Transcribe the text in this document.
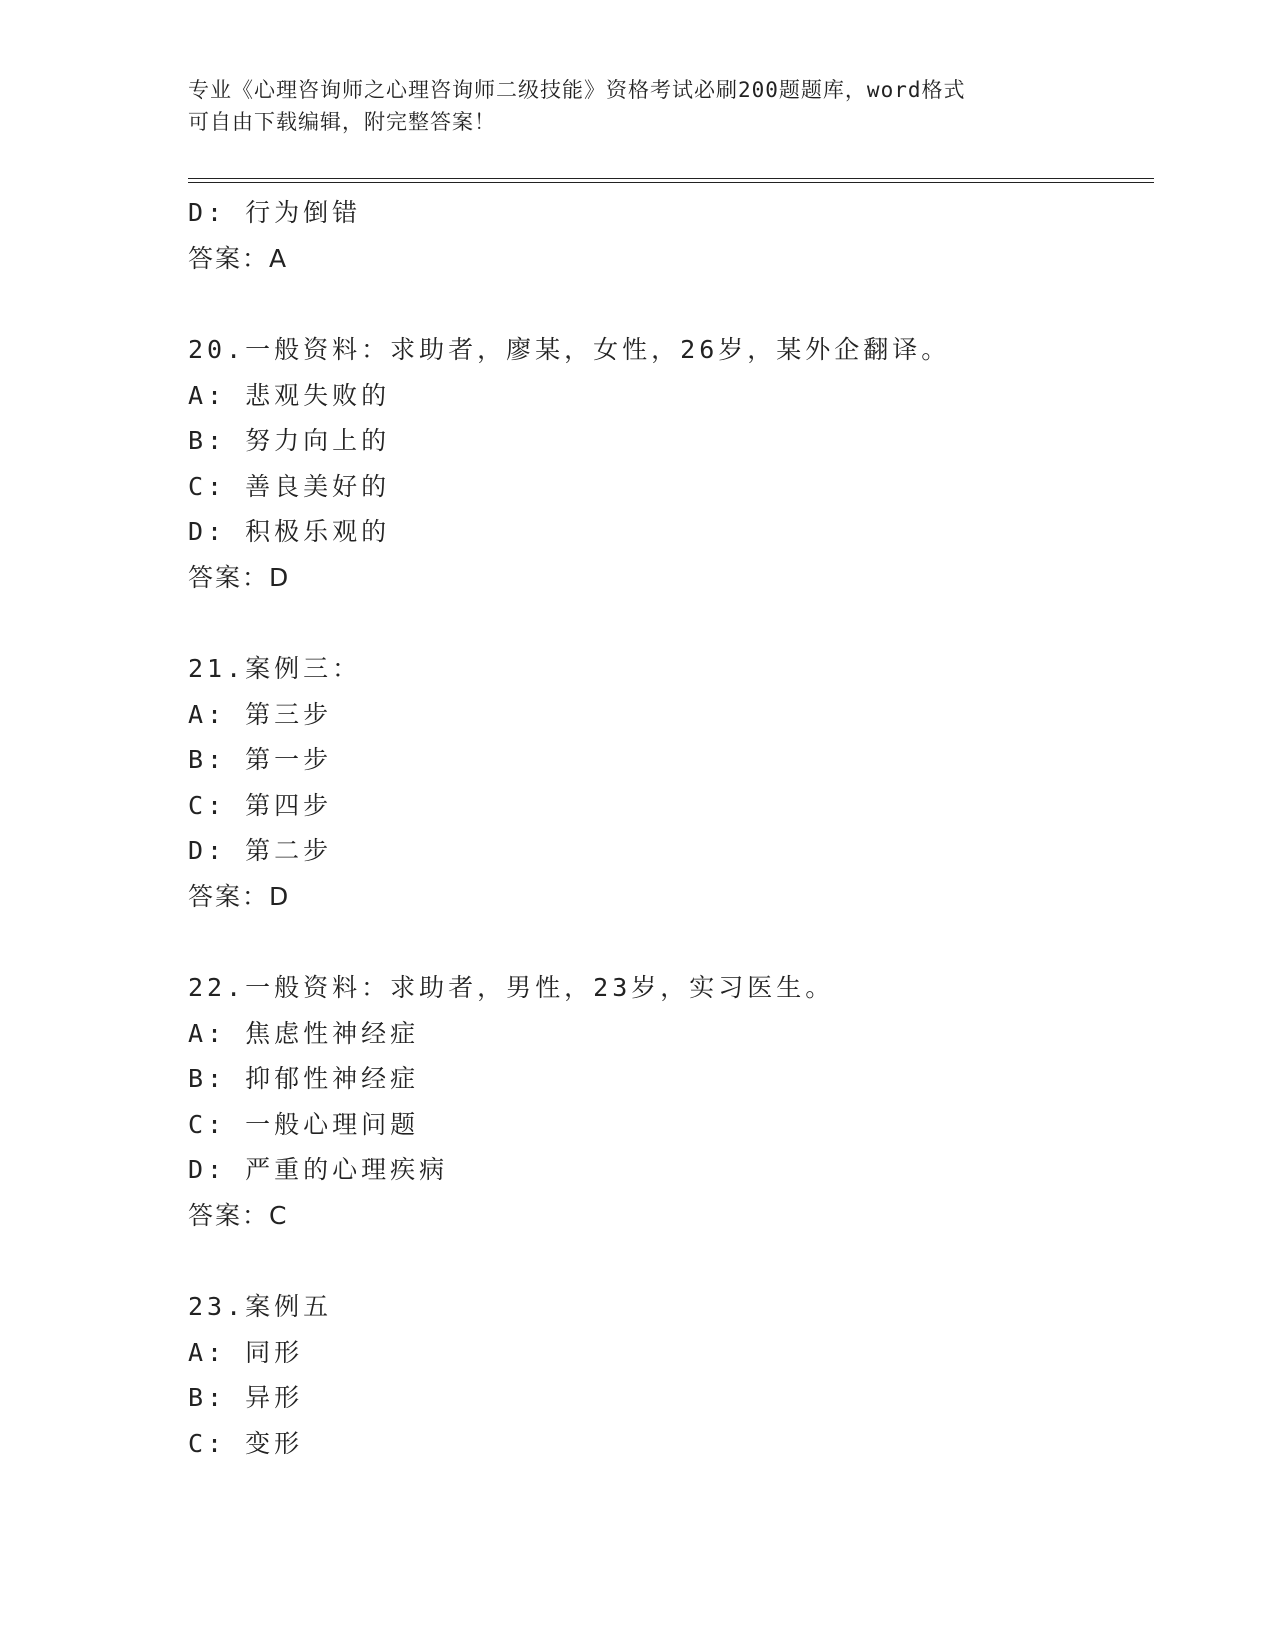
专业《心理咨询师之心理咨询师二级技能》资格考试必刷200题题库，word格式
可自由下载编辑，附完整答案！
D: 行为倒错
答案：A
20.一般资料：求助者，廖某，女性，26岁，某外企翻译。
A: 悲观失败的
B: 努力向上的
C: 善良美好的
D: 积极乐观的
答案：D
21.案例三：
A: 第三步
B: 第一步
C: 第四步
D: 第二步
答案：D
22.一般资料：求助者，男性，23岁，实习医生。
A: 焦虑性神经症
B: 抑郁性神经症
C: 一般心理问题
D: 严重的心理疾病
答案：C
23.案例五
A: 同形
B: 异形
C: 变形
